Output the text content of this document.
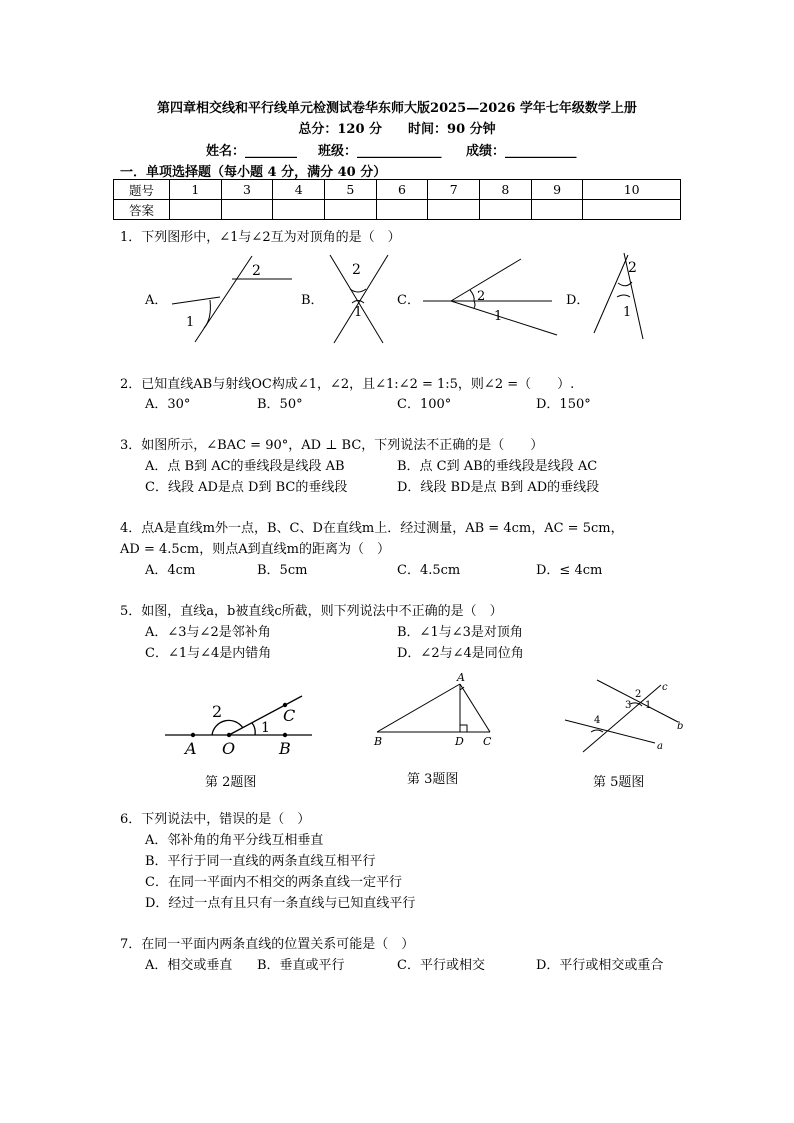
第四章相交线和平行线单元检测试卷华东师大版2025—2026 学年七年级数学上册
总分：120 分　　时间：90 分钟
姓名：________ 班级：_____________ 成绩：___________
一．单项选择题（每小题 4 分，满分 40 分）
题号	1	3	4	5	6	7	8	9	10
答案									
1．下列图形中，∠1与∠2互为对顶角的是（　）
A．	B．	C．	D．
1
2	2
1
2
1
2
1
2．已知直线AB与射线OC构成∠1，∠2，且∠1:∠2 = 1:5，则∠2 =（　　）.
A．30°	B．50°	C．100°	D．150°
3．如图所示，∠BAC = 90°，AD ⊥ BC，下列说法不正确的是（　　）
A．点 B到 AC的垂线段是线段 AB	B．点 C到 AB的垂线段是线段 AC
C．线段 AD是点 D到 BC的垂线段	D．线段 BD是点 B到 AD的垂线段
4．点A是直线m外一点，B、C、D在直线m上．经过测量，AB = 4cm，AC = 5cm，
AD = 4.5cm，则点A到直线m的距离为（　）
A．4cm	B．5cm	C．4.5cm	D．≤ 4cm
5．如图，直线a，b被直线c所截，则下列说法中不正确的是（　）
A．∠3与∠2是邻补角	B．∠1与∠3是对顶角
C．∠1与∠4是内错角	D．∠2与∠4是同位角
2	C
1
A O	B
第 2题图
A
B	D C
第 3题图
c
2
3 1
4
b
a
第 5题图
6．下列说法中，错误的是（　）
A．邻补角的角平分线互相垂直
B．平行于同一直线的两条直线互相平行
C．在同一平面内不相交的两条直线一定平行
D．经过一点有且只有一条直线与已知直线平行
7．在同一平面内两条直线的位置关系可能是（　）
A．相交或垂直 B．垂直或平行	C．平行或相交	D．平行或相交或重合
